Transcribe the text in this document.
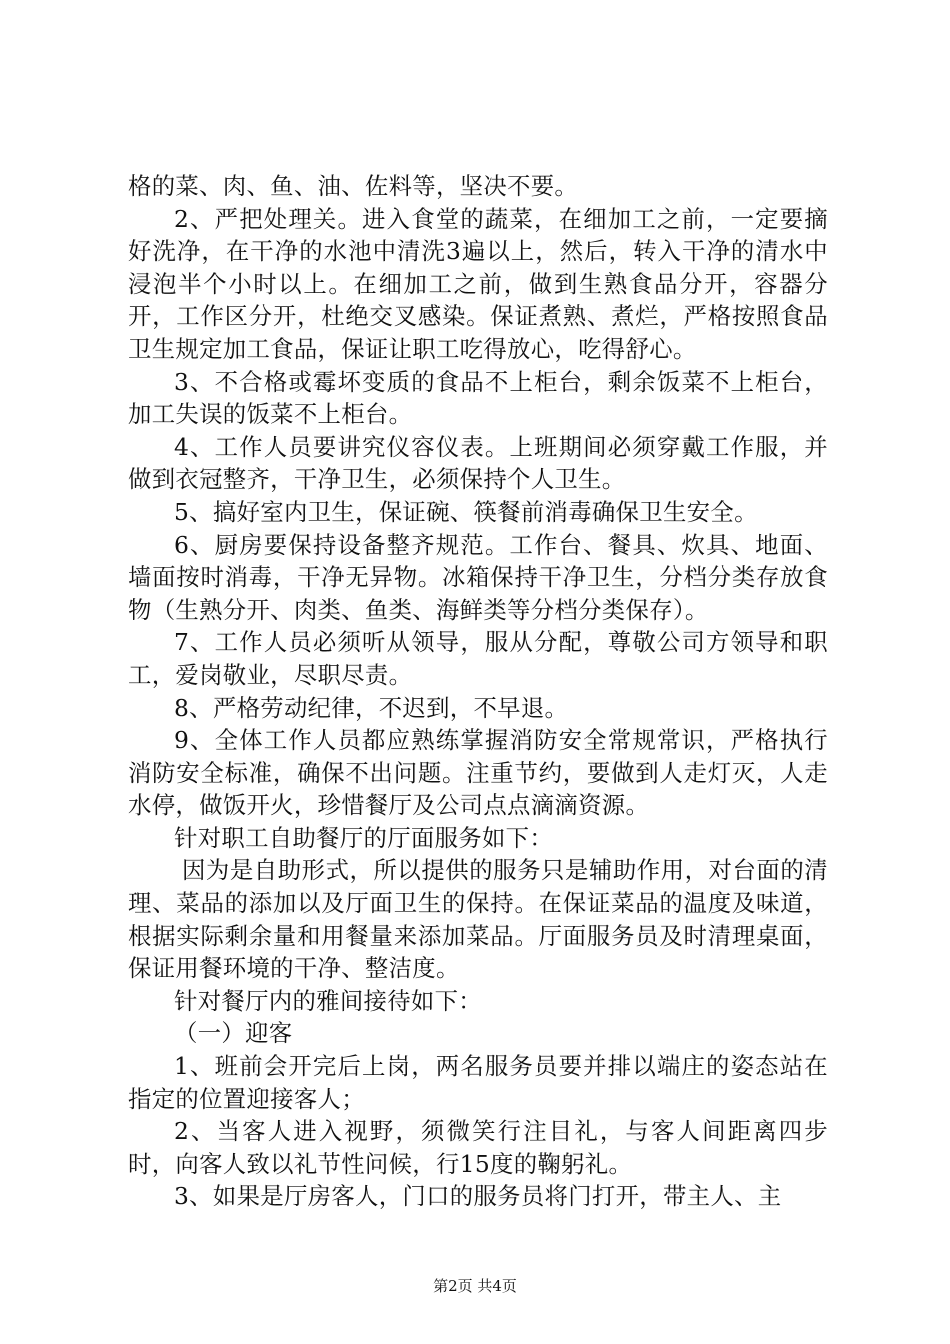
格的菜、肉、鱼、油、佐料等，坚决不要。

2、严把处理关。进入食堂的蔬菜，在细加工之前，一定要摘好洗净，在干净的水池中清洗3遍以上，然后，转入干净的清水中浸泡半个小时以上。在细加工之前，做到生熟食品分开，容器分开，工作区分开，杜绝交叉感染。保证煮熟、煮烂，严格按照食品卫生规定加工食品，保证让职工吃得放心，吃得舒心。

3、不合格或霉坏变质的食品不上柜台，剩余饭菜不上柜台，加工失误的饭菜不上柜台。

4、工作人员要讲究仪容仪表。上班期间必须穿戴工作服，并做到衣冠整齐，干净卫生，必须保持个人卫生。

5、搞好室内卫生，保证碗、筷餐前消毒确保卫生安全。

6、厨房要保持设备整齐规范。工作台、餐具、炊具、地面、墙面按时消毒，干净无异物。冰箱保持干净卫生，分档分类存放食物（生熟分开、肉类、鱼类、海鲜类等分档分类保存）。

7、工作人员必须听从领导，服从分配，尊敬公司方领导和职工，爱岗敬业，尽职尽责。

8、严格劳动纪律，不迟到，不早退。

9、全体工作人员都应熟练掌握消防安全常规常识，严格执行消防安全标准，确保不出问题。注重节约，要做到人走灯灭，人走水停，做饭开火，珍惜餐厅及公司点点滴滴资源。

针对职工自助餐厅的厅面服务如下：

因为是自助形式，所以提供的服务只是辅助作用，对台面的清理、菜品的添加以及厅面卫生的保持。在保证菜品的温度及味道，根据实际剩余量和用餐量来添加菜品。厅面服务员及时清理桌面，保证用餐环境的干净、整洁度。

针对餐厅内的雅间接待如下：

（一）迎客

1、班前会开完后上岗，两名服务员要并排以端庄的姿态站在指定的位置迎接客人；

2、当客人进入视野，须微笑行注目礼，与客人间距离四步时，向客人致以礼节性问候，行15度的鞠躬礼。

3、如果是厅房客人，门口的服务员将门打开，带主人、主

第2页 共4页
